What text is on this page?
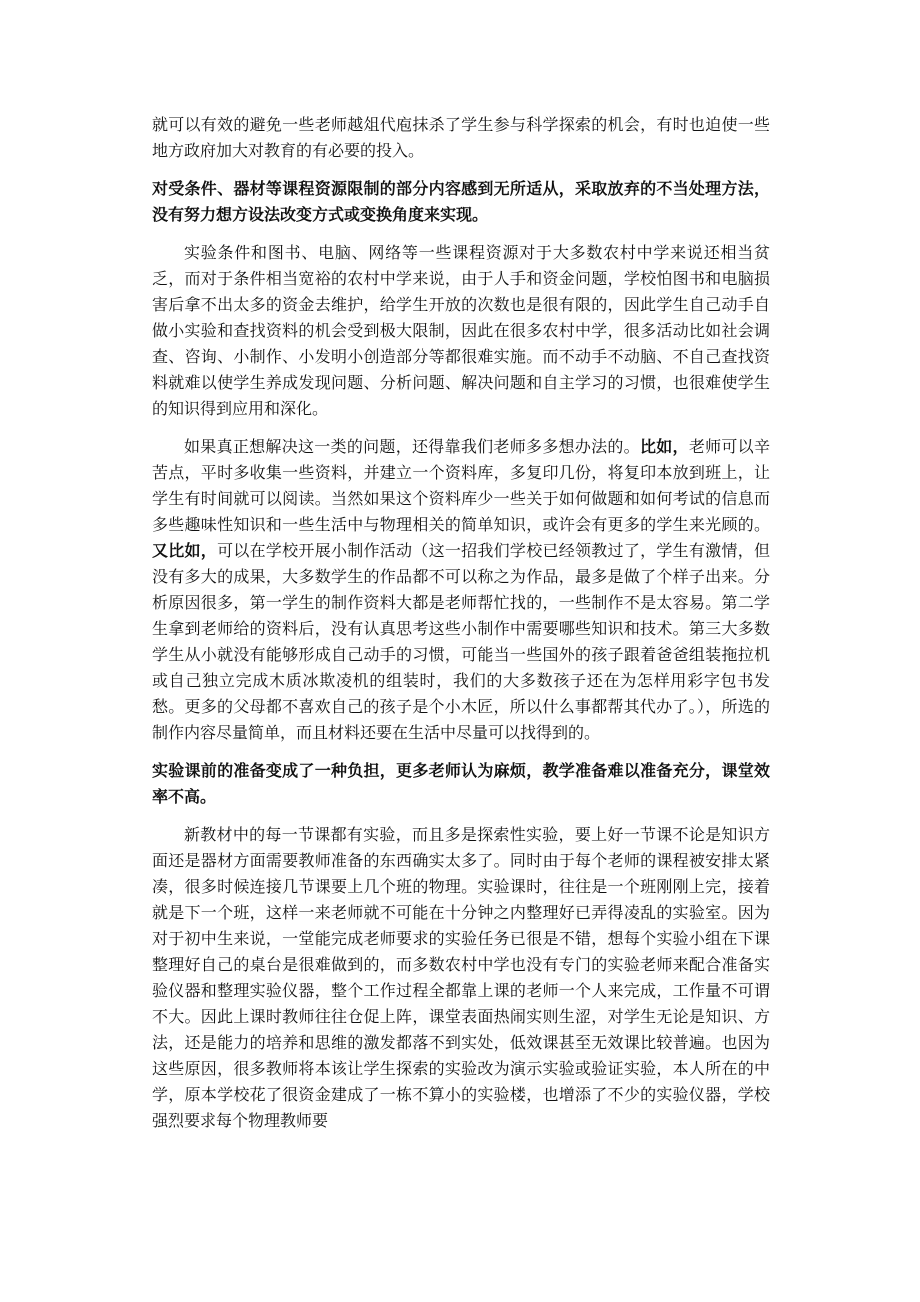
就可以有效的避免一些老师越俎代庖抹杀了学生参与科学探索的机会，有时也迫使一些地方政府加大对教育的有必要的投入。

对受条件、器材等课程资源限制的部分内容感到无所适从，采取放弃的不当处理方法，没有努力想方设法改变方式或变换角度来实现。

实验条件和图书、电脑、网络等一些课程资源对于大多数农村中学来说还相当贫乏，而对于条件相当宽裕的农村中学来说，由于人手和资金问题，学校怕图书和电脑损害后拿不出太多的资金去维护，给学生开放的次数也是很有限的，因此学生自己动手自做小实验和查找资料的机会受到极大限制，因此在很多农村中学，很多活动比如社会调查、咨询、小制作、小发明小创造部分等都很难实施。而不动手不动脑、不自己查找资料就难以使学生养成发现问题、分析问题、解决问题和自主学习的习惯，也很难使学生的知识得到应用和深化。

如果真正想解决这一类的问题，还得靠我们老师多多想办法的。比如，老师可以辛苦点，平时多收集一些资料，并建立一个资料库，多复印几份，将复印本放到班上，让学生有时间就可以阅读。当然如果这个资料库少一些关于如何做题和如何考试的信息而多些趣味性知识和一些生活中与物理相关的简单知识，或许会有更多的学生来光顾的。又比如，可以在学校开展小制作活动（这一招我们学校已经领教过了，学生有激情，但没有多大的成果，大多数学生的作品都不可以称之为作品，最多是做了个样子出来。分析原因很多，第一学生的制作资料大都是老师帮忙找的，一些制作不是太容易。第二学生拿到老师给的资料后，没有认真思考这些小制作中需要哪些知识和技术。第三大多数学生从小就没有能够形成自己动手的习惯，可能当一些国外的孩子跟着爸爸组装拖拉机或自己独立完成木质冰欺凌机的组装时，我们的大多数孩子还在为怎样用彩字包书发愁。更多的父母都不喜欢自己的孩子是个小木匠，所以什么事都帮其代办了。），所选的制作内容尽量简单，而且材料还要在生活中尽量可以找得到的。

实验课前的准备变成了一种负担，更多老师认为麻烦，教学准备难以准备充分，课堂效率不高。

新教材中的每一节课都有实验，而且多是探索性实验，要上好一节课不论是知识方面还是器材方面需要教师准备的东西确实太多了。同时由于每个老师的课程被安排太紧凑，很多时候连接几节课要上几个班的物理。实验课时，往往是一个班刚刚上完，接着就是下一个班，这样一来老师就不可能在十分钟之内整理好已弄得凌乱的实验室。因为对于初中生来说，一堂能完成老师要求的实验任务已很是不错，想每个实验小组在下课整理好自己的桌台是很难做到的，而多数农村中学也没有专门的实验老师来配合准备实验仪器和整理实验仪器，整个工作过程全都靠上课的老师一个人来完成，工作量不可谓不大。因此上课时教师往往仓促上阵，课堂表面热闹实则生涩，对学生无论是知识、方法，还是能力的培养和思维的激发都落不到实处，低效课甚至无效课比较普遍。也因为这些原因，很多教师将本该让学生探索的实验改为演示实验或验证实验，本人所在的中学，原本学校花了很资金建成了一栋不算小的实验楼，也增添了不少的实验仪器，学校强烈要求每个物理教师要
